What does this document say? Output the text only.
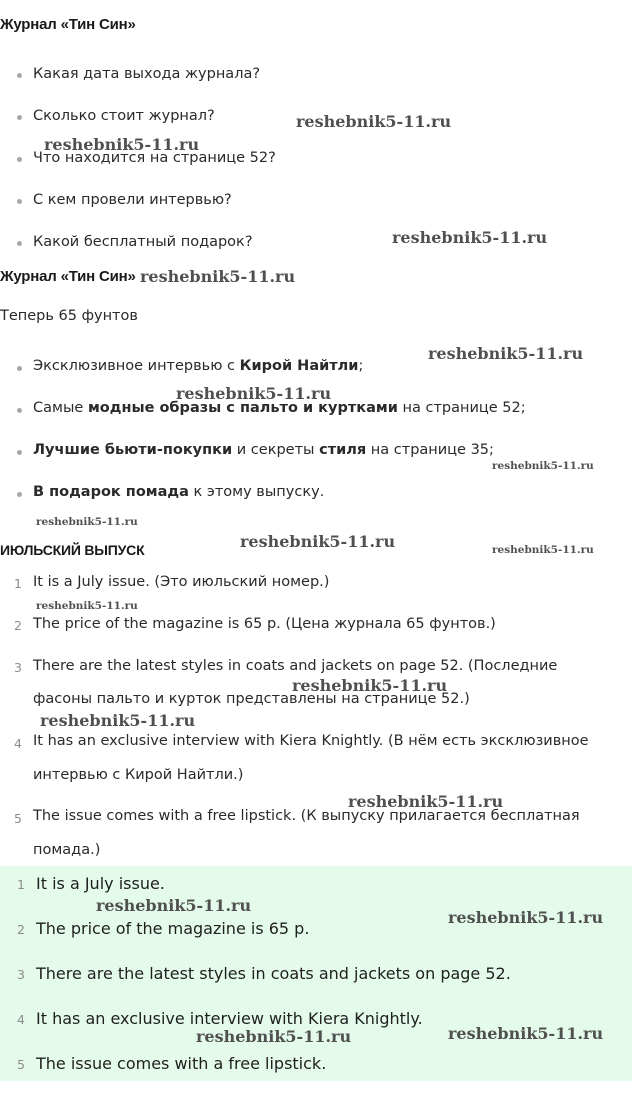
Журнал «Тин Син»
Какая дата выхода журнала?
Сколько стоит журнал?
Что находится на странице 52?
С кем провели интервью?
Какой бесплатный подарок?
Журнал «Тин Син»
Теперь 65 фунтов
Эксклюзивное интервью с Кирой Найтли;
Самые модные образы с пальто и куртками на странице 52;
Лучшие бьюти-покупки и секреты стиля на странице 35;
В подарок помада к этому выпуску.
ИЮЛЬСКИЙ ВЫПУСК
1 It is a July issue. (Это июльский номер.)
2 The price of the magazine is 65 p. (Цена журнала 65 фунтов.)
3 There are the latest styles in coats and jackets on page 52. (Последние
фасоны пальто и курток представлены на странице 52.)
4 It has an exclusive interview with Kiera Knightly. (В нём есть эксклюзивное
интервью с Кирой Найтли.)
5 The issue comes with a free lipstick. (К выпуску прилагается бесплатная
помада.)
1 It is a July issue.
2 The price of the magazine is 65 p.
3 There are the latest styles in coats and jackets on page 52.
4 It has an exclusive interview with Kiera Knightly.
5 The issue comes with a free lipstick.
reshebnik5-11.ru
reshebnik5-11.ru
reshebnik5-11.ru
reshebnik5-11.ru
reshebnik5-11.ru
reshebnik5-11.ru
reshebnik5-11.ru
reshebnik5-11.ru
reshebnik5-11.ru	reshebnik5-11.ru
reshebnik5-11.ru
reshebnik5-11.ru
reshebnik5-11.ru
reshebnik5-11.ru
reshebnik5-11.ru
reshebnik5-11.ru
reshebnik5-11.ru	reshebnik5-11.ru
